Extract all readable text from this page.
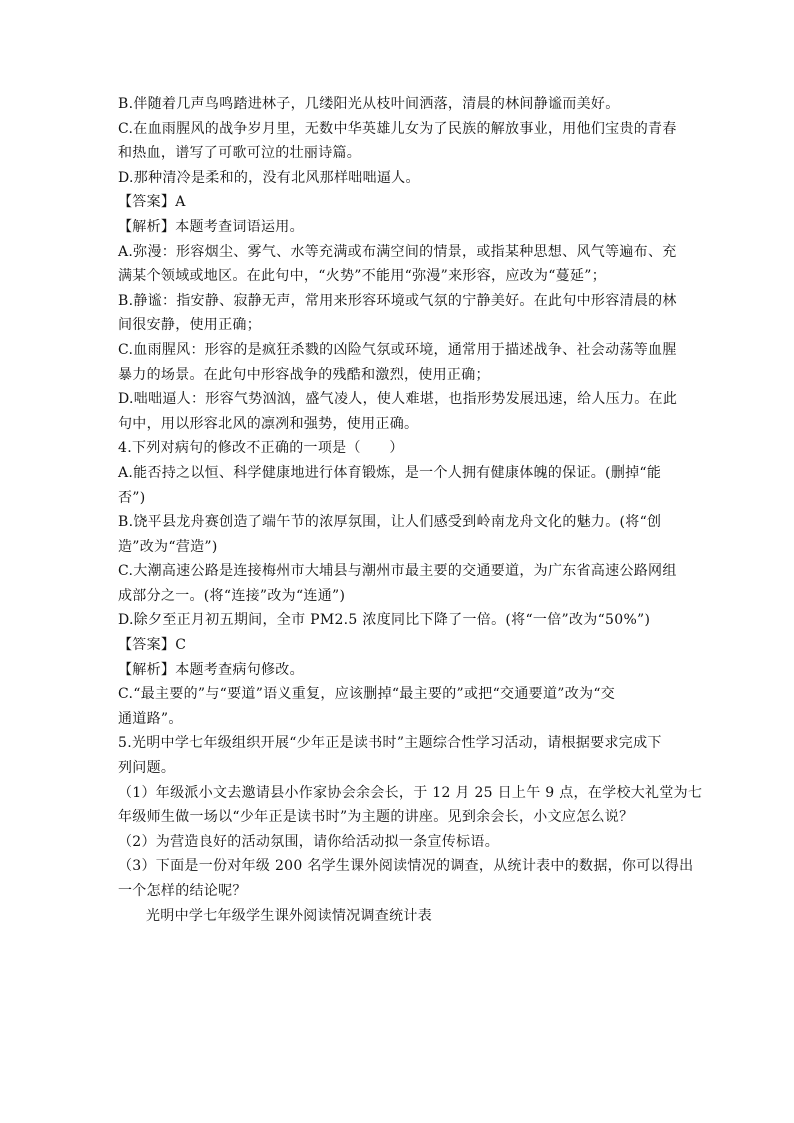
B.伴随着几声鸟鸣踏进林子，几缕阳光从枝叶间洒落，清晨的林间静谧而美好。
C.在血雨腥风的战争岁月里，无数中华英雄儿女为了民族的解放事业，用他们宝贵的青春
和热血，谱写了可歌可泣的壮丽诗篇。
D.那种清冷是柔和的，没有北风那样咄咄逼人。
【答案】A
【解析】本题考查词语运用。
A.弥漫：形容烟尘、雾气、水等充满或布满空间的情景，或指某种思想、风气等遍布、充
满某个领域或地区。在此句中，“火势”不能用“弥漫”来形容，应改为“蔓延”；
B.静谧：指安静、寂静无声，常用来形容环境或气氛的宁静美好。在此句中形容清晨的林
间很安静，使用正确；
C.血雨腥风：形容的是疯狂杀戮的凶险气氛或环境，通常用于描述战争、社会动荡等血腥
暴力的场景。在此句中形容战争的残酷和激烈，使用正确；
D.咄咄逼人：形容气势汹汹，盛气凌人，使人难堪，也指形势发展迅速，给人压力。在此
句中，用以形容北风的凛冽和强势，使用正确。
4.下列对病句的修改不正确的一项是（　　）
A.能否持之以恒、科学健康地进行体育锻炼，是一个人拥有健康体魄的保证。(删掉“能
否”)
B.饶平县龙舟赛创造了端午节的浓厚氛围，让人们感受到岭南龙舟文化的魅力。(将“创
造”改为“营造”)
C.大潮高速公路是连接梅州市大埔县与潮州市最主要的交通要道，为广东省高速公路网组
成部分之一。(将“连接”改为“连通”)
D.除夕至正月初五期间，全市 PM2.5 浓度同比下降了一倍。(将“一倍”改为“50%”)
【答案】C
【解析】本题考查病句修改。
C.“最主要的”与“要道”语义重复，应该删掉“最主要的”或把“交通要道”改为“交
通道路”。
5.光明中学七年级组织开展“少年正是读书时”主题综合性学习活动，请根据要求完成下
列问题。
（1）年级派小文去邀请县小作家协会余会长，于 12 月 25 日上午 9 点，在学校大礼堂为七
年级师生做一场以“少年正是读书时”为主题的讲座。见到余会长，小文应怎么说？
（2）为营造良好的活动氛围，请你给活动拟一条宣传标语。
（3）下面是一份对年级 200 名学生课外阅读情况的调查，从统计表中的数据，你可以得出
一个怎样的结论呢？
光明中学七年级学生课外阅读情况调查统计表
